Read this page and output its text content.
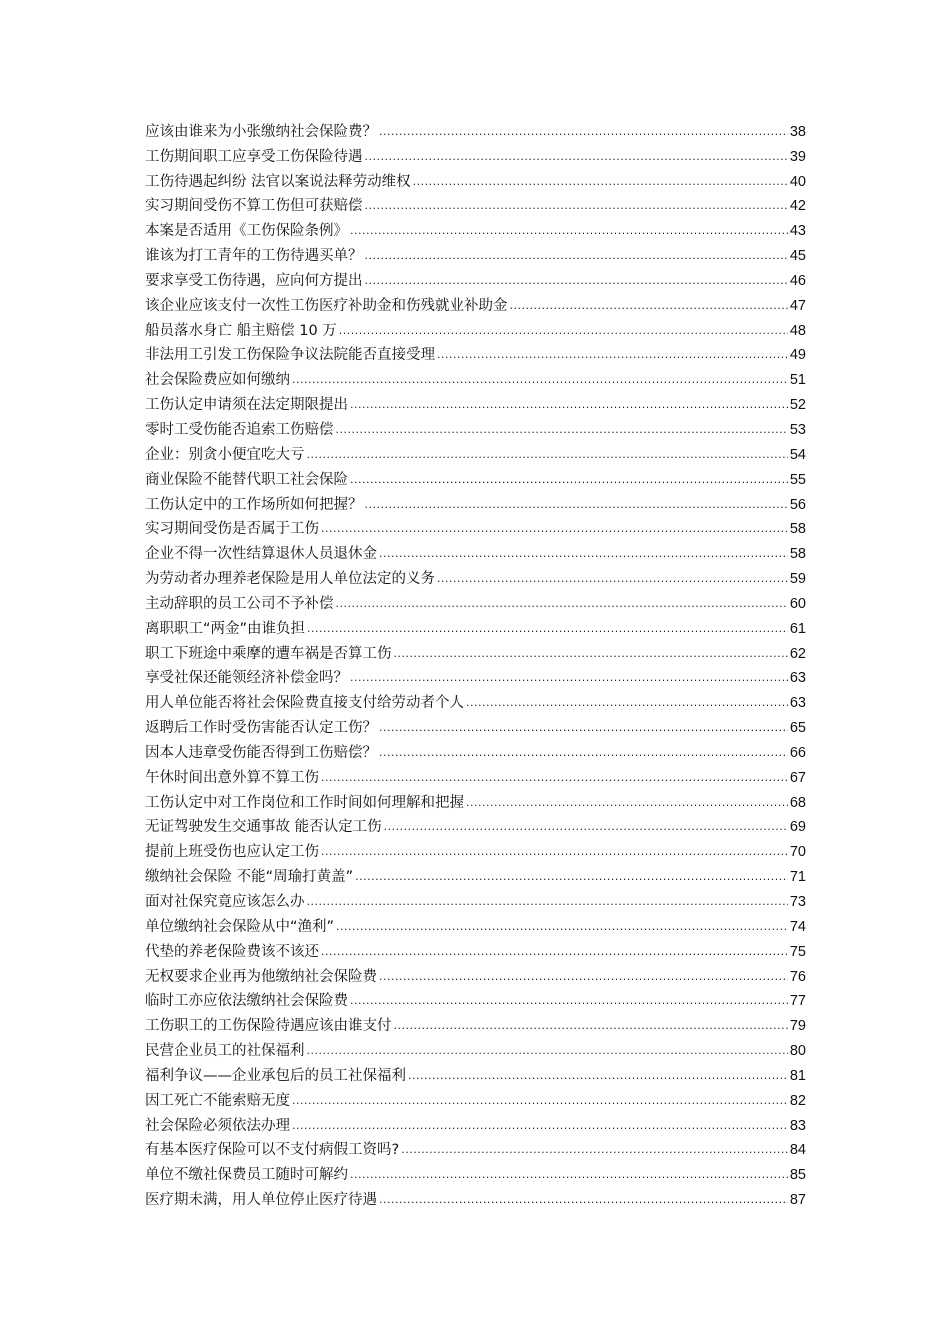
应该由谁来为小张缴纳社会保险费？ .....	38
工伤期间职工应享受工伤保险待遇 .....	39
工伤待遇起纠纷 法官以案说法释劳动维权 .....	40
实习期间受伤不算工伤但可获赔偿 .....	42
本案是否适用《工伤保险条例》 .....	43
谁该为打工青年的工伤待遇买单？ .....	45
要求享受工伤待遇，应向何方提出 .....	46
该企业应该支付一次性工伤医疗补助金和伤残就业补助金 .....	47
船员落水身亡 船主赔偿 10 万 .....	48
非法用工引发工伤保险争议法院能否直接受理 .....	49
社会保险费应如何缴纳 .....	51
工伤认定申请须在法定期限提出 .....	52
零时工受伤能否追索工伤赔偿 .....	53
企业：别贪小便宜吃大亏 .....	54
商业保险不能替代职工社会保险 .....	55
工伤认定中的工作场所如何把握？ .....	56
实习期间受伤是否属于工伤 .....	58
企业不得一次性结算退休人员退休金 .....	58
为劳动者办理养老保险是用人单位法定的义务 .....	59
主动辞职的员工公司不予补偿 .....	60
离职职工“两金”由谁负担 .....	61
职工下班途中乘摩的遭车祸是否算工伤 .....	62
享受社保还能领经济补偿金吗？ .....	63
用人单位能否将社会保险费直接支付给劳动者个人 .....	63
返聘后工作时受伤害能否认定工伤？ .....	65
因本人违章受伤能否得到工伤赔偿？ .....	66
午休时间出意外算不算工伤 .....	67
工伤认定中对工作岗位和工作时间如何理解和把握 .....	68
无证驾驶发生交通事故 能否认定工伤 .....	69
提前上班受伤也应认定工伤 .....	70
缴纳社会保险 不能“周瑜打黄盖” .....	71
面对社保究竟应该怎么办 .....	73
单位缴纳社会保险从中“渔利” .....	74
代垫的养老保险费该不该还 .....	75
无权要求企业再为他缴纳社会保险费 .....	76
临时工亦应依法缴纳社会保险费 .....	77
工伤职工的工伤保险待遇应该由谁支付 .....	79
民营企业员工的社保福利 .....	80
福利争议——企业承包后的员工社保福利 .....	81
因工死亡不能索赔无度 .....	82
社会保险必须依法办理 .....	83
有基本医疗保险可以不支付病假工资吗? .....	84
单位不缴社保费员工随时可解约 .....	85
医疗期未满，用人单位停止医疗待遇 .....	87
